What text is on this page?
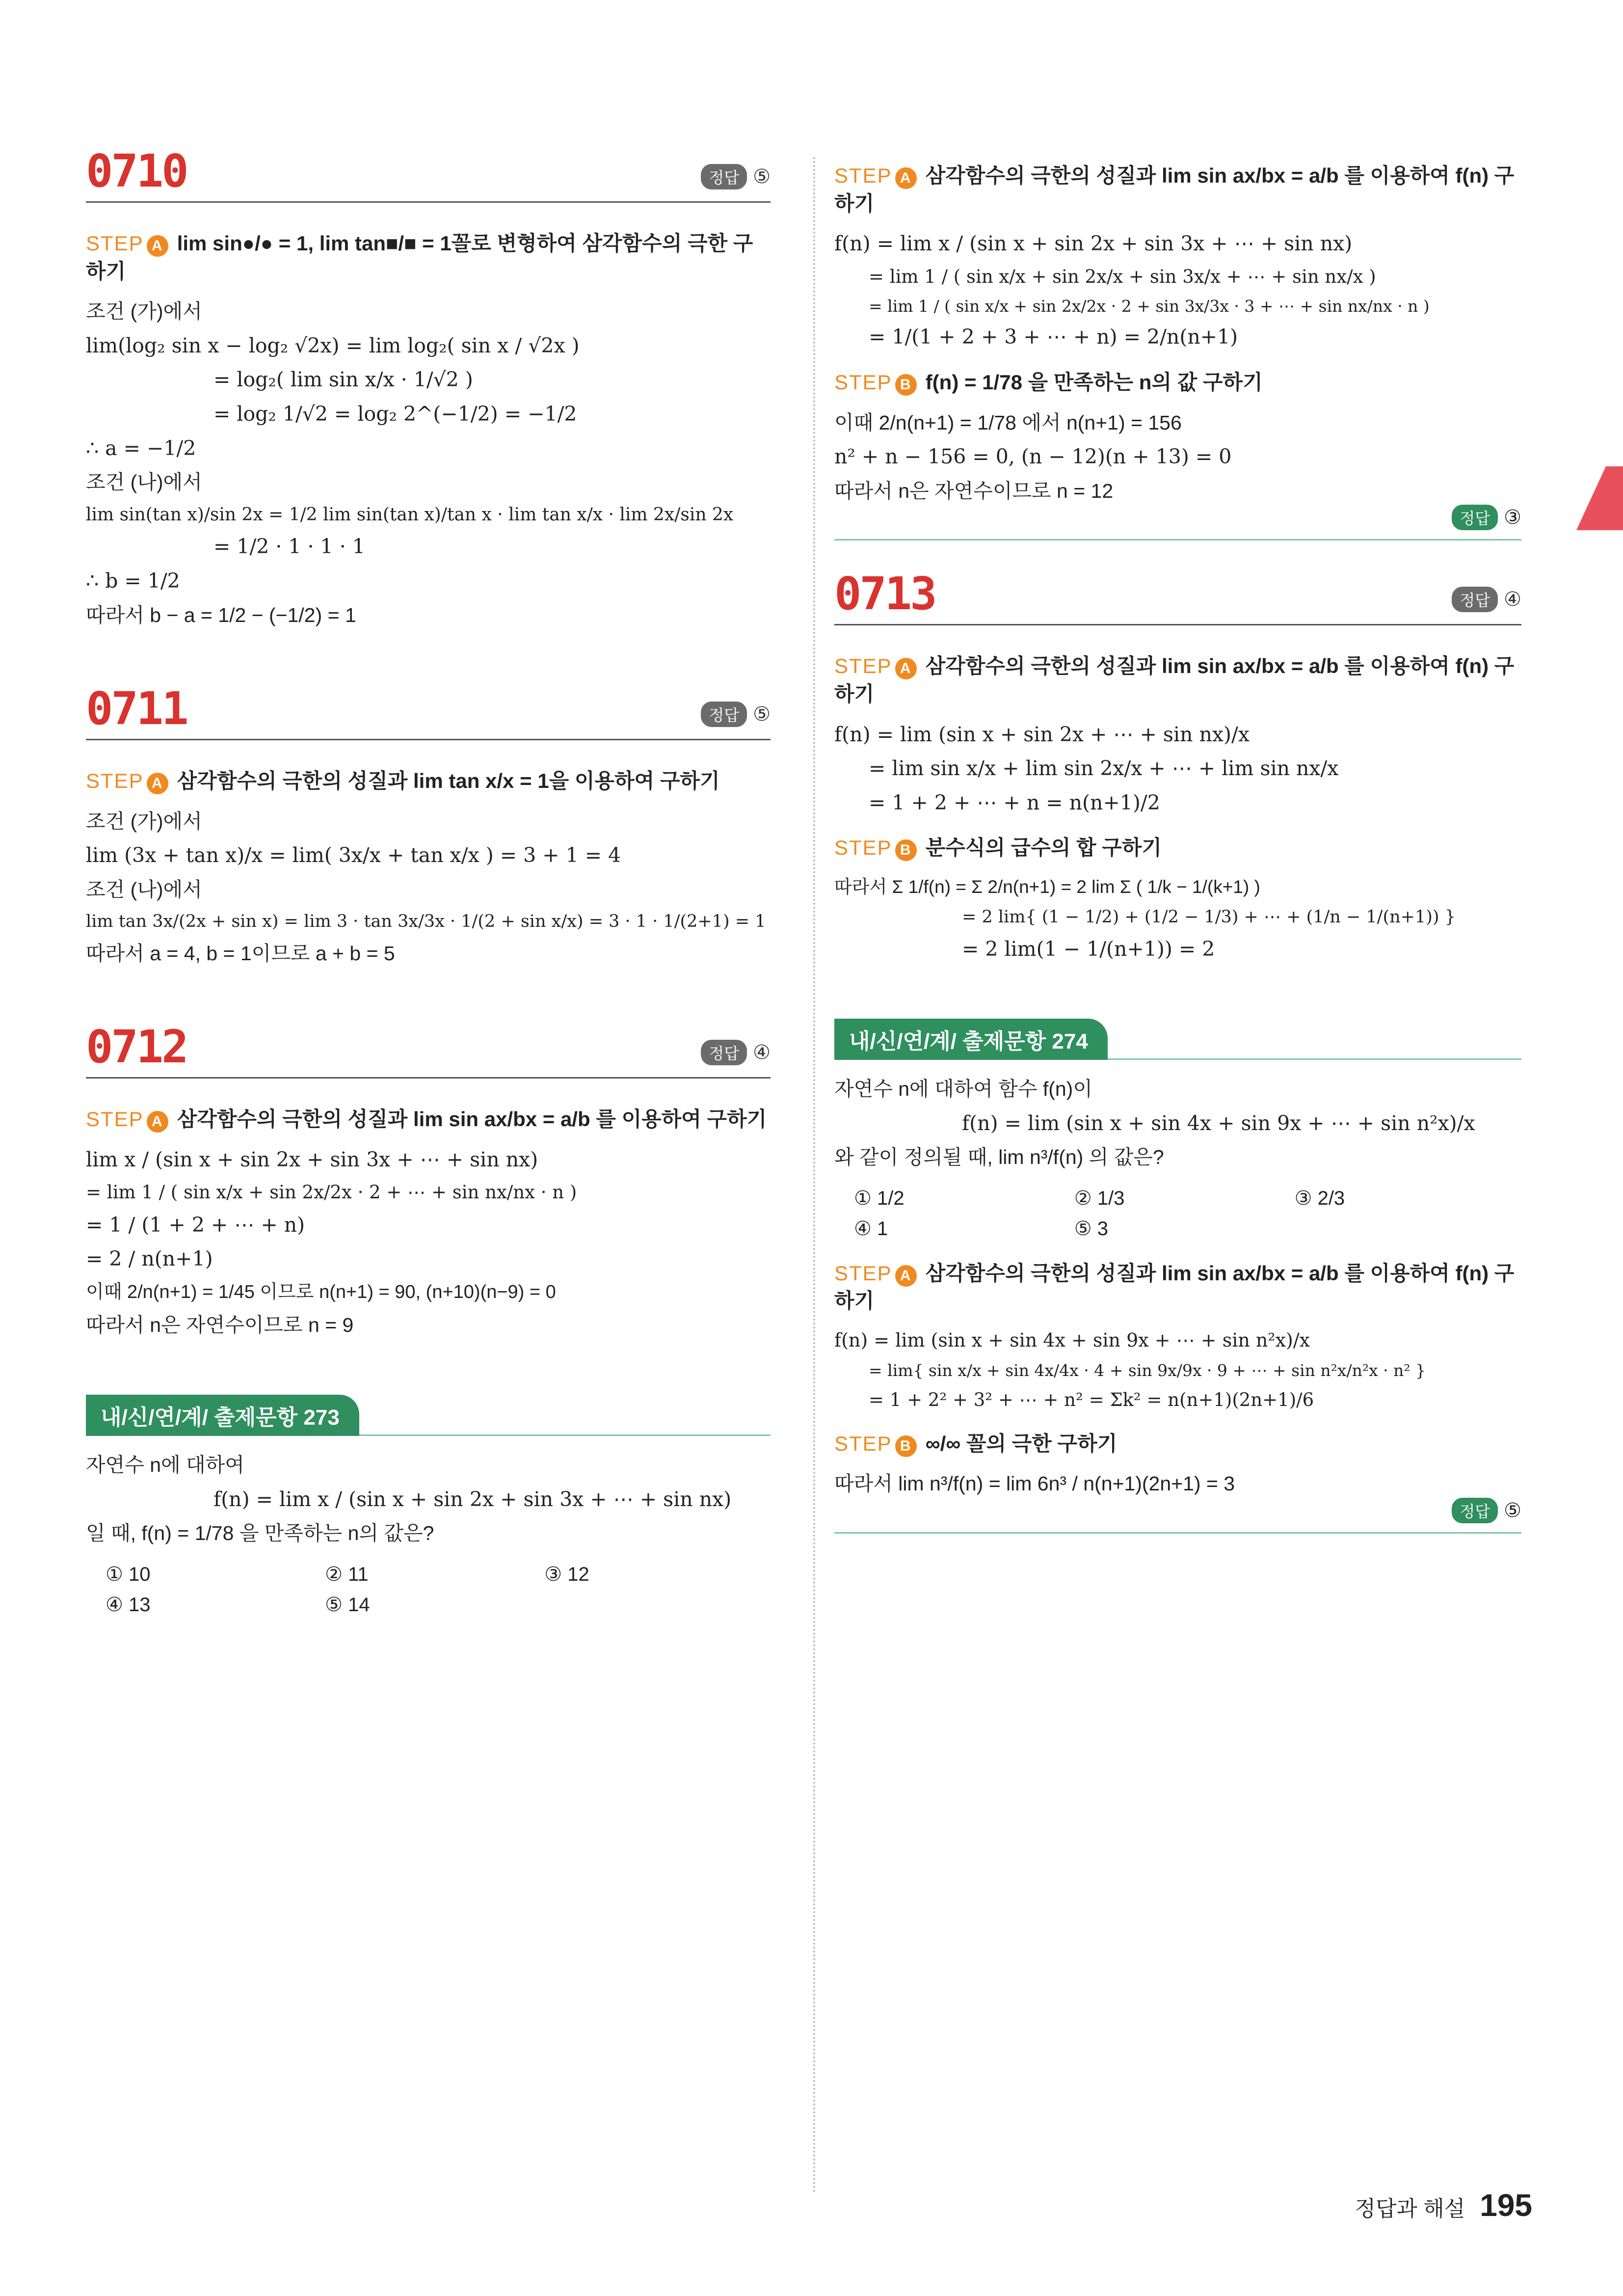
0710	정답 ⑤
STEP A lim sin●/● = 1, lim tan■/■ = 1꼴로 변형하여 삼각함수의 극한 구하기
조건 (가)에서
lim(log₂ sin x − log₂ √2x) = lim log₂( sin x / √2x )
= log₂( lim sin x/x · 1/√2 )
= log₂ 1/√2 = log₂ 2^(−1/2) = −1/2
∴ a = −1/2
조건 (나)에서
lim sin(tan x)/sin 2x = 1/2 lim sin(tan x)/tan x · lim tan x/x · lim 2x/sin 2x
= 1/2 · 1 · 1 · 1
∴ b = 1/2
따라서 b − a = 1/2 − (−1/2) = 1
0711	정답 ⑤
STEP A 삼각함수의 극한의 성질과 lim tan x/x = 1을 이용하여 구하기
조건 (가)에서
lim (3x + tan x)/x = lim( 3x/x + tan x/x ) = 3 + 1 = 4
조건 (나)에서
lim tan 3x/(2x + sin x) = lim 3 · tan 3x/3x · 1/(2 + sin x/x) = 3 · 1 · 1/(2+1) = 1
따라서 a = 4, b = 1이므로 a + b = 5
0712	정답 ④
STEP A 삼각함수의 극한의 성질과 lim sin ax/bx = a/b 를 이용하여 구하기
lim x / (sin x + sin 2x + sin 3x + ⋯ + sin nx)
= lim 1 / ( sin x/x + sin 2x/2x · 2 + ⋯ + sin nx/nx · n )
= 1 / (1 + 2 + ⋯ + n)
= 2 / n(n+1)
이때 2/n(n+1) = 1/45 이므로 n(n+1) = 90, (n+10)(n−9) = 0
따라서 n은 자연수이므로 n = 9
내/신/연/계/ 출제문항 273
자연수 n에 대하여
f(n) = lim x / (sin x + sin 2x + sin 3x + ⋯ + sin nx)
일 때, f(n) = 1/78 을 만족하는 n의 값은?
① 10	② 11	③ 12
④ 13	⑤ 14
STEP A 삼각함수의 극한의 성질과 lim sin ax/bx = a/b 를 이용하여 f(n) 구하기
f(n) = lim x / (sin x + sin 2x + sin 3x + ⋯ + sin nx)
= lim 1 / ( sin x/x + sin 2x/x + sin 3x/x + ⋯ + sin nx/x )
= lim 1 / ( sin x/x + sin 2x/2x · 2 + sin 3x/3x · 3 + ⋯ + sin nx/nx · n )
= 1/(1 + 2 + 3 + ⋯ + n) = 2/n(n+1)
STEP B f(n) = 1/78 을 만족하는 n의 값 구하기
이때 2/n(n+1) = 1/78 에서 n(n+1) = 156
n² + n − 156 = 0, (n − 12)(n + 13) = 0
따라서 n은 자연수이므로 n = 12
정답 ③
0713	정답 ④
STEP A 삼각함수의 극한의 성질과 lim sin ax/bx = a/b 를 이용하여 f(n) 구하기
f(n) = lim (sin x + sin 2x + ⋯ + sin nx)/x
= lim sin x/x + lim sin 2x/x + ⋯ + lim sin nx/x
= 1 + 2 + ⋯ + n = n(n+1)/2
STEP B 분수식의 급수의 합 구하기
따라서 Σ 1/f(n) = Σ 2/n(n+1) = 2 lim Σ ( 1/k − 1/(k+1) )
= 2 lim{ (1 − 1/2) + (1/2 − 1/3) + ⋯ + (1/n − 1/(n+1)) }
= 2 lim(1 − 1/(n+1)) = 2
내/신/연/계/ 출제문항 274
자연수 n에 대하여 함수 f(n)이
f(n) = lim (sin x + sin 4x + sin 9x + ⋯ + sin n²x)/x
와 같이 정의될 때, lim n³/f(n) 의 값은?
① 1/2	② 1/3	③ 2/3
④ 1	⑤ 3
STEP A 삼각함수의 극한의 성질과 lim sin ax/bx = a/b 를 이용하여 f(n) 구하기
f(n) = lim (sin x + sin 4x + sin 9x + ⋯ + sin n²x)/x
= lim{ sin x/x + sin 4x/4x · 4 + sin 9x/9x · 9 + ⋯ + sin n²x/n²x · n² }
= 1 + 2² + 3² + ⋯ + n² = Σk² = n(n+1)(2n+1)/6
STEP B ∞/∞ 꼴의 극한 구하기
따라서 lim n³/f(n) = lim 6n³ / n(n+1)(2n+1) = 3
정답 ⑤
정답과 해설 195
